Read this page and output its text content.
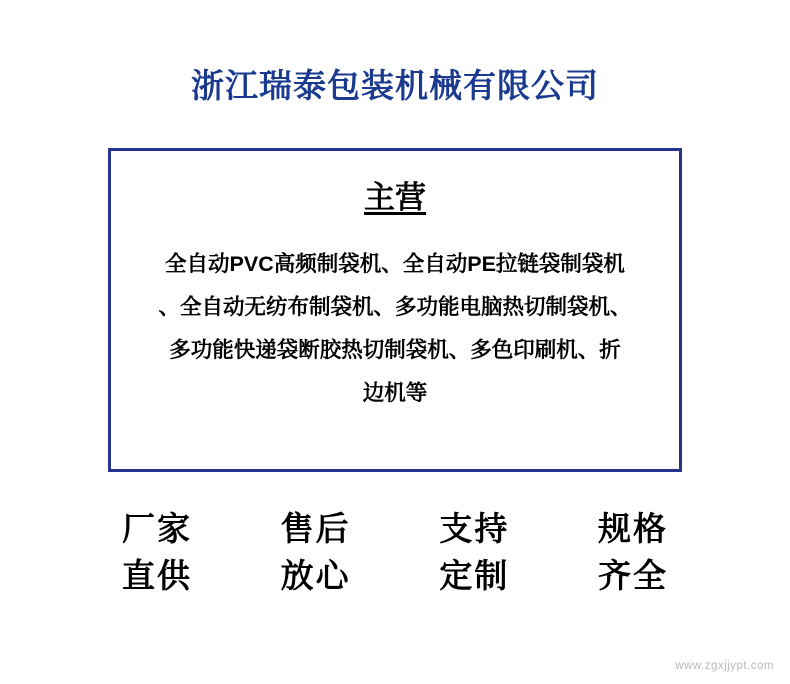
浙江瑞泰包装机械有限公司
主营
全自动PVC高频制袋机、全自动PE拉链袋制袋机
、全自动无纺布制袋机、多功能电脑热切制袋机、
多功能快递袋断胶热切制袋机、多色印刷机、折
边机等
厂家
直供
售后
放心
支持
定制
规格
齐全
www.zgxjjypt.com
